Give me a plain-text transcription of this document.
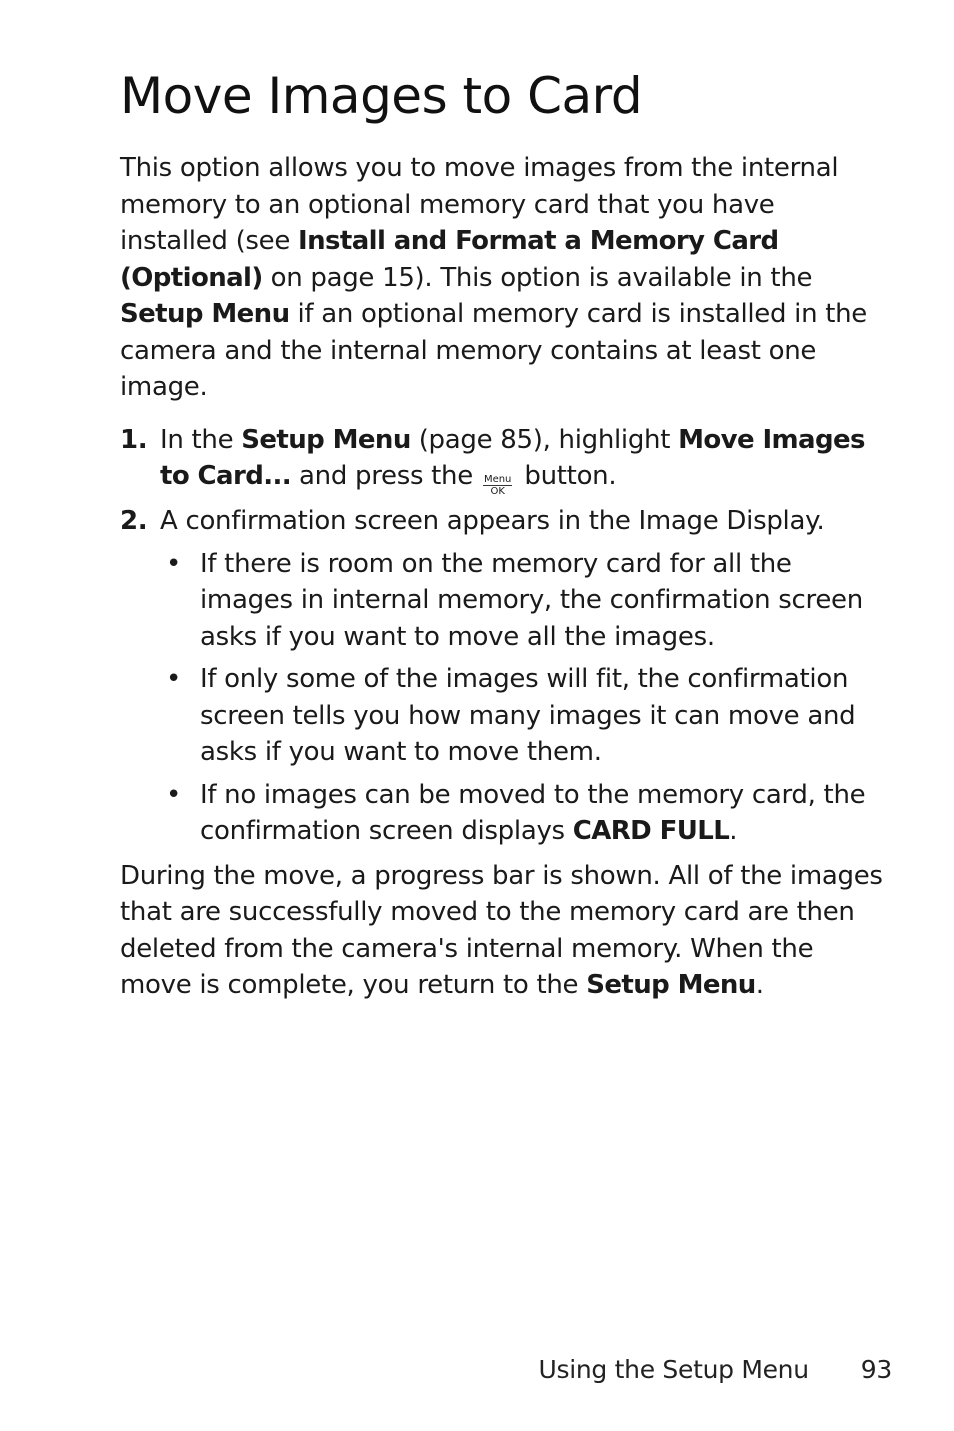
Move Images to Card

This option allows you to move images from the internal memory to an optional memory card that you have installed (see Install and Format a Memory Card (Optional) on page 15). This option is available in the Setup Menu if an optional memory card is installed in the camera and the internal memory contains at least one image.

1. In the Setup Menu (page 85), highlight Move Images to Card... and press the Menu
OK
button.
2. A confirmation screen appears in the Image Display.
• If there is room on the memory card for all the images in internal memory, the confirmation screen asks if you want to move all the images.
• If only some of the images will fit, the confirmation screen tells you how many images it can move and asks if you want to move them.
• If no images can be moved to the memory card, the confirmation screen displays CARD FULL.

During the move, a progress bar is shown. All of the images that are successfully moved to the memory card are then deleted from the camera's internal memory. When the move is complete, you return to the Setup Menu.

Using the Setup Menu 93
